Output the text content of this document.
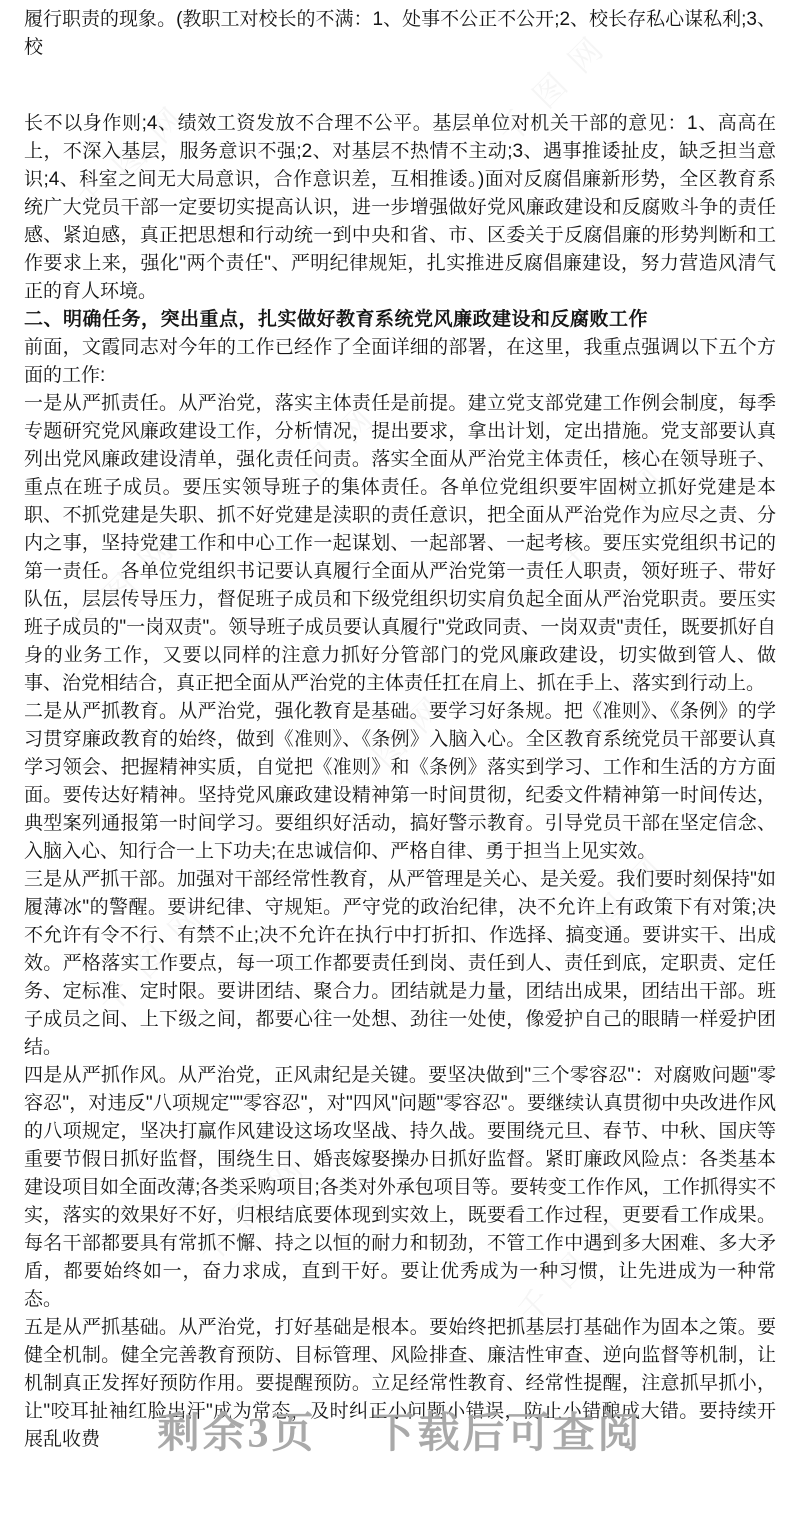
千图网
千图网
千图网	千图网
千图网
千图网
千图网	千图网
千图网	千图网

履行职责的现象。(教职工对校长的不满：1、处事不公正不公开;2、校长存私心谋私利;3、校

长不以身作则;4、绩效工资发放不合理不公平。基层单位对机关干部的意见：1、高高在上，不深入基层，服务意识不强;2、对基层不热情不主动;3、遇事推诿扯皮，缺乏担当意识;4、科室之间无大局意识，合作意识差，互相推诿。)面对反腐倡廉新形势，全区教育系统广大党员干部一定要切实提高认识，进一步增强做好党风廉政建设和反腐败斗争的责任感、紧迫感，真正把思想和行动统一到中央和省、市、区委关于反腐倡廉的形势判断和工作要求上来，强化"两个责任"、严明纪律规矩，扎实推进反腐倡廉建设，努力营造风清气正的育人环境。

二、明确任务，突出重点，扎实做好教育系统党风廉政建设和反腐败工作

前面，文霞同志对今年的工作已经作了全面详细的部署，在这里，我重点强调以下五个方面的工作:

一是从严抓责任。从严治党，落实主体责任是前提。建立党支部党建工作例会制度，每季专题研究党风廉政建设工作，分析情况，提出要求，拿出计划，定出措施。党支部要认真列出党风廉政建设清单，强化责任问责。落实全面从严治党主体责任，核心在领导班子、重点在班子成员。要压实领导班子的集体责任。各单位党组织要牢固树立抓好党建是本职、不抓党建是失职、抓不好党建是渎职的责任意识，把全面从严治党作为应尽之责、分内之事，坚持党建工作和中心工作一起谋划、一起部署、一起考核。要压实党组织书记的第一责任。各单位党组织书记要认真履行全面从严治党第一责任人职责，领好班子、带好队伍，层层传导压力，督促班子成员和下级党组织切实肩负起全面从严治党职责。要压实班子成员的"一岗双责"。领导班子成员要认真履行"党政同责、一岗双责"责任，既要抓好自身的业务工作，又要以同样的注意力抓好分管部门的党风廉政建设，切实做到管人、做事、治党相结合，真正把全面从严治党的主体责任扛在肩上、抓在手上、落实到行动上。

二是从严抓教育。从严治党，强化教育是基础。要学习好条规。把《准则》、《条例》的学习贯穿廉政教育的始终，做到《准则》、《条例》入脑入心。全区教育系统党员干部要认真学习领会、把握精神实质，自觉把《准则》和《条例》落实到学习、工作和生活的方方面面。要传达好精神。坚持党风廉政建设精神第一时间贯彻，纪委文件精神第一时间传达，典型案列通报第一时间学习。要组织好活动，搞好警示教育。引导党员干部在坚定信念、入脑入心、知行合一上下功夫;在忠诚信仰、严格自律、勇于担当上见实效。

三是从严抓干部。加强对干部经常性教育，从严管理是关心、是关爱。我们要时刻保持"如履薄冰"的警醒。要讲纪律、守规矩。严守党的政治纪律，决不允许上有政策下有对策;决不允许有令不行、有禁不止;决不允许在执行中打折扣、作选择、搞变通。要讲实干、出成效。严格落实工作要点，每一项工作都要责任到岗、责任到人、责任到底，定职责、定任务、定标准、定时限。要讲团结、聚合力。团结就是力量，团结出成果，团结出干部。班子成员之间、上下级之间，都要心往一处想、劲往一处使，像爱护自己的眼睛一样爱护团结。

四是从严抓作风。从严治党，正风肃纪是关键。要坚决做到"三个零容忍"：对腐败问题"零容忍"，对违反"八项规定""零容忍"，对"四风"问题"零容忍"。要继续认真贯彻中央改进作风的八项规定，坚决打赢作风建设这场攻坚战、持久战。要围绕元旦、春节、中秋、国庆等重要节假日抓好监督，围绕生日、婚丧嫁娶操办日抓好监督。紧盯廉政风险点：各类基本建设项目如全面改薄;各类采购项目;各类对外承包项目等。要转变工作作风，工作抓得实不实，落实的效果好不好，归根结底要体现到实效上，既要看工作过程，更要看工作成果。每名干部都要具有常抓不懈、持之以恒的耐力和韧劲，不管工作中遇到多大困难、多大矛盾，都要始终如一，奋力求成，直到干好。要让优秀成为一种习惯，让先进成为一种常态。

五是从严抓基础。从严治党，打好基础是根本。要始终把抓基层打基础作为固本之策。要健全机制。健全完善教育预防、目标管理、风险排查、廉洁性审查、逆向监督等机制，让机制真正发挥好预防作用。要提醒预防。立足经常性教育、经常性提醒，注意抓早抓小，让"咬耳扯袖红脸出汗"成为常态，及时纠正小问题小错误，防止小错酿成大错。要持续开展乱收费	剩余3页 下载后可查阅
